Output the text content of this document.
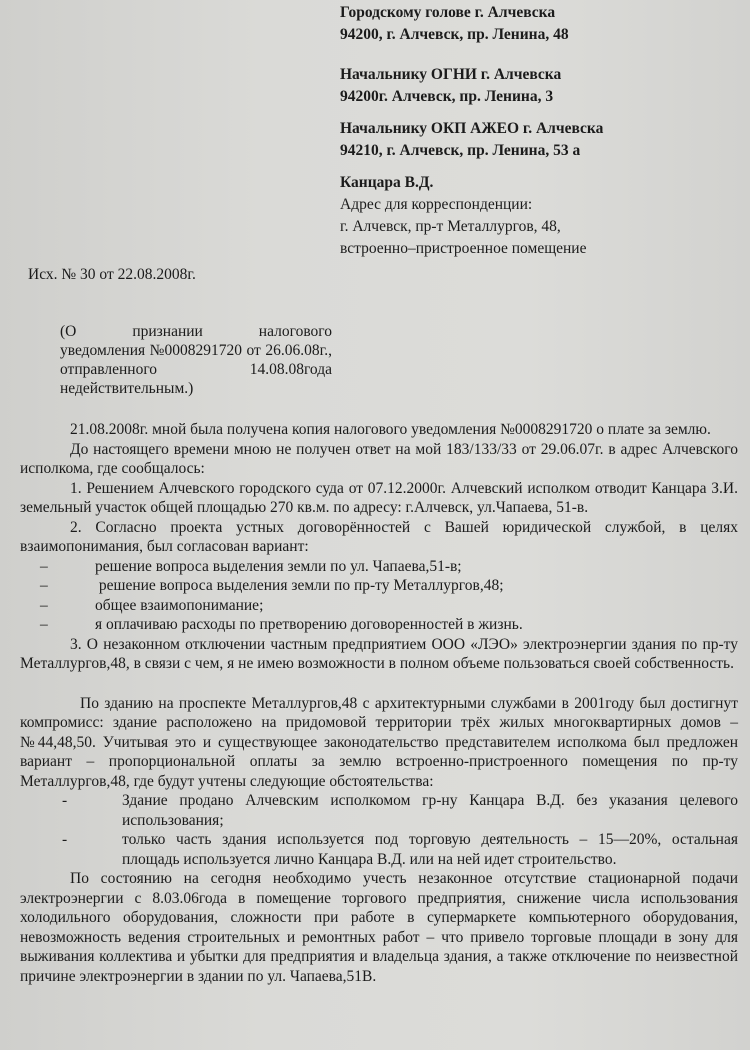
Городскому голове г. Алчевска
94200, г. Алчевск, пр. Ленина, 48
Начальнику ОГНИ г. Алчевска
94200г. Алчевск, пр. Ленина, 3
Начальнику ОКП АЖЕО г. Алчевска
94210, г. Алчевск, пр. Ленина, 53 а
Канцара В.Д.
Адрес для корреспонденции:
г. Алчевск, пр-т Металлургов, 48,
встроенно–пристроенное помещение
Исх. № 30 от 22.08.2008г.
(О	признании	налогового
уведомления №0008291720 от 26.06.08г.,
отправленного	14.08.08года
недействительным.)

21.08.2008г. мной была получена копия налогового уведомления №0008291720 о плате за землю.

До настоящего времени мною не получен ответ на мой 183/133/33 от 29.06.07г. в адрес Алчевского исполкома, где сообщалось:

1. Решением Алчевского городского суда от 07.12.2000г. Алчевский исполком отводит Канцара З.И. земельный участок общей площадью 270 кв.м. по адресу: г.Алчевск, ул.Чапаева, 51-в.

2. Согласно проекта устных договорённостей с Вашей юридической службой, в целях взаимопонимания, был согласован вариант:

–	решение вопроса выделения земли по ул. Чапаева,51-в;
–	решение вопроса выделения земли по пр-ту Металлургов,48;
–	общее взаимопонимание;
–	я оплачиваю расходы по претворению договоренностей в жизнь.

3. О незаконном отключении частным предприятием ООО «ЛЭО» электроэнергии здания по пр-ту Металлургов,48, в связи с чем, я не имею возможности в полном объеме пользоваться своей собственность.

По зданию на проспекте Металлургов,48 с архитектурными службами в 2001году был достигнут компромисс: здание расположено на придомовой территории трёх жилых многоквартирных домов – №44,48,50. Учитывая это и существующее законодательство представителем исполкома был предложен вариант – пропорциональной оплаты за землю встроенно-пристроенного помещения по пр-ту Металлургов,48, где будут учтены следующие обстоятельства:

-	Здание продано Алчевским исполкомом гр-ну Канцара В.Д. без указания целевого использования;
-	только часть здания используется под торговую деятельность – 15—20%, остальная площадь используется лично Канцара В.Д. или на ней идет строительство.

По состоянию на сегодня необходимо учесть незаконное отсутствие стационарной подачи электроэнергии с 8.03.06года в помещение торгового предприятия, снижение числа использования холодильного оборудования, сложности при работе в супермаркете компьютерного оборудования, невозможность ведения строительных и ремонтных работ – что привело торговые площади в зону для выживания коллектива и убытки для предприятия и владельца здания, а также отключение по неизвестной причине электроэнергии в здании по ул. Чапаева,51В.
